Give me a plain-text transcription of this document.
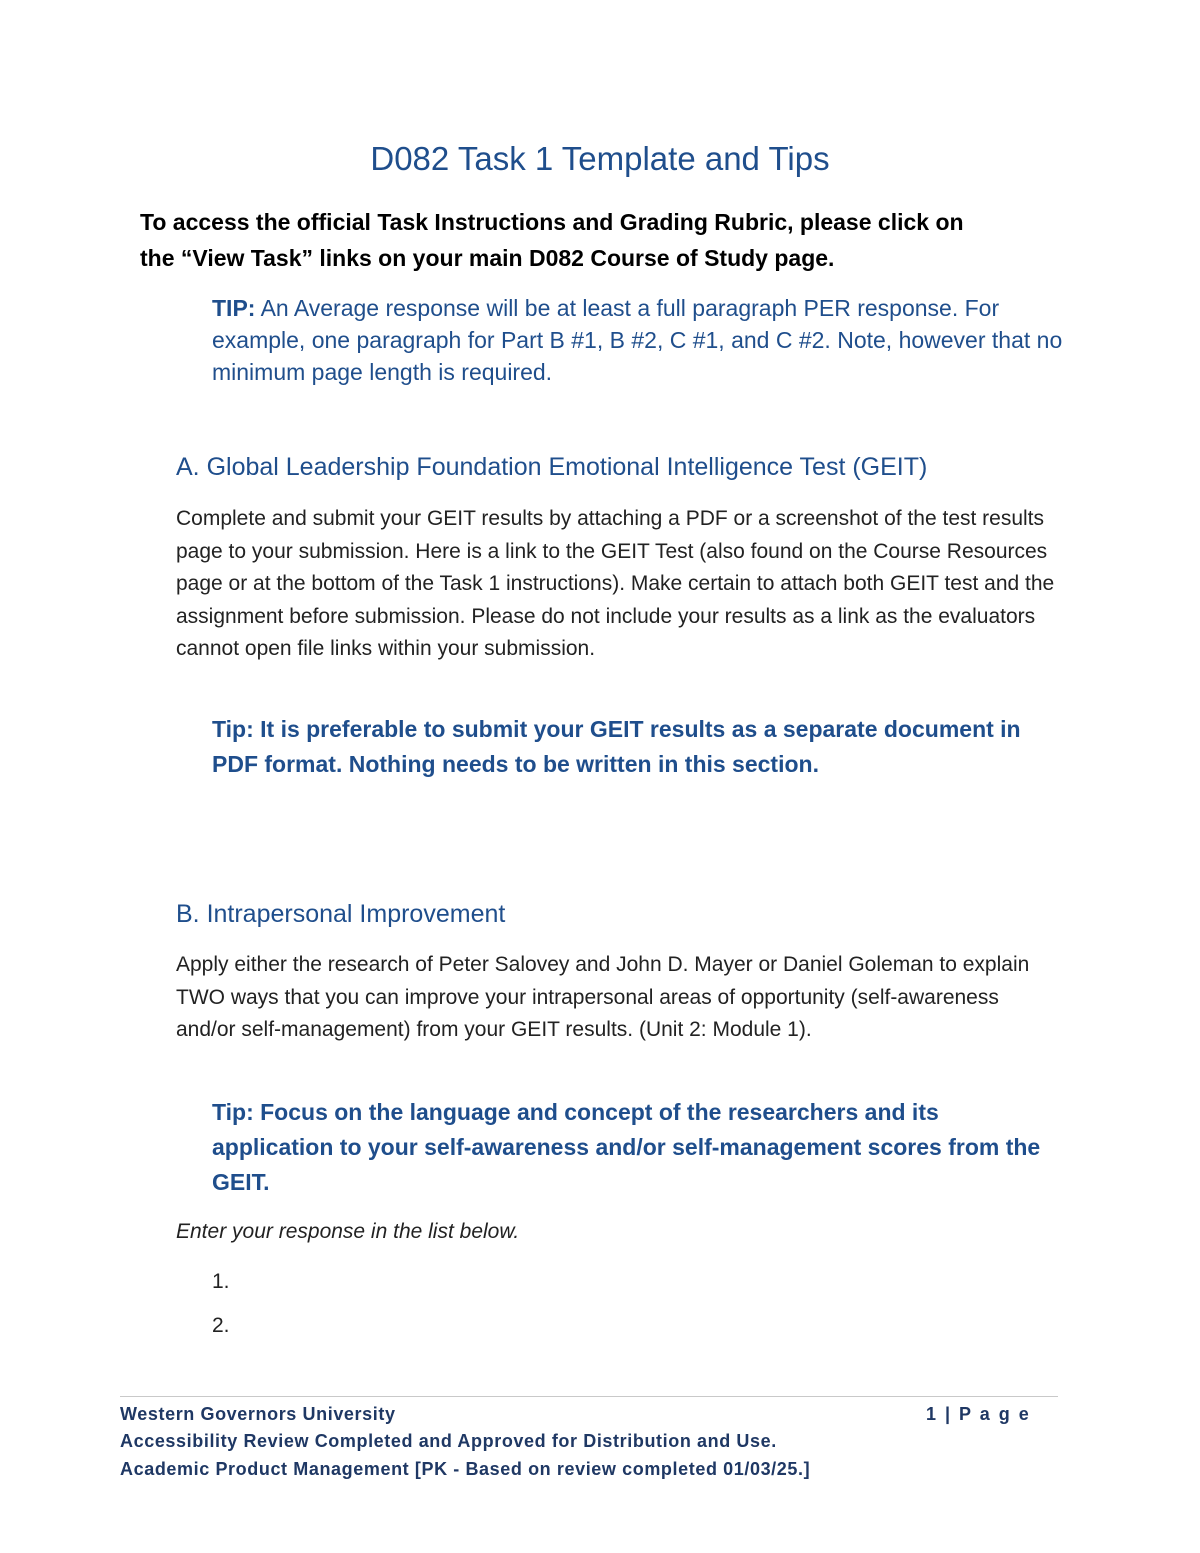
D082 Task 1 Template and Tips
To access the official Task Instructions and Grading Rubric, please click on
the “View Task” links on your main D082 Course of Study page.
TIP: An Average response will be at least a full paragraph PER response. For example, one paragraph for Part B #1, B #2, C #1, and C #2. Note, however that no minimum page length is required.
A. Global Leadership Foundation Emotional Intelligence Test (GEIT)
Complete and submit your GEIT results by attaching a PDF or a screenshot of the test results page to your submission. Here is a link to the GEIT Test (also found on the Course Resources page or at the bottom of the Task 1 instructions). Make certain to attach both GEIT test and the assignment before submission. Please do not include your results as a link as the evaluators cannot open file links within your submission.
Tip: It is preferable to submit your GEIT results as a separate document in PDF format. Nothing needs to be written in this section.
B. Intrapersonal Improvement
Apply either the research of Peter Salovey and John D. Mayer or Daniel Goleman to explain TWO ways that you can improve your intrapersonal areas of opportunity (self-awareness and/or self-management) from your GEIT results. (Unit 2: Module 1).
Tip: Focus on the language and concept of the researchers and its application to your self-awareness and/or self-management scores from the GEIT.
Enter your response in the list below.
1.
2.
Western Governors University	1 | P a g e
Accessibility Review Completed and Approved for Distribution and Use.
Academic Product Management [PK - Based on review completed 01/03/25.]
